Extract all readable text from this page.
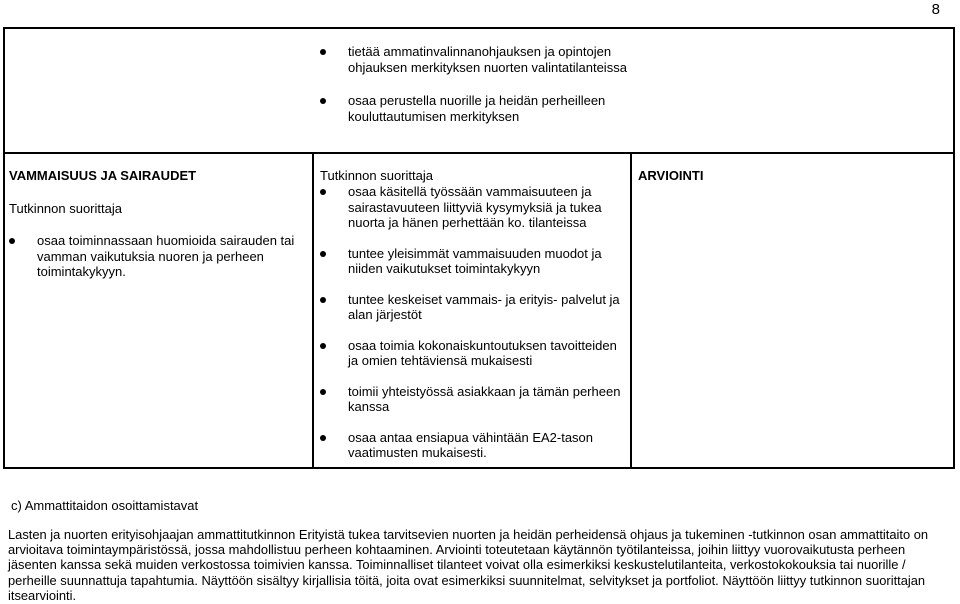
8
tietää ammatinvalinnanohjauksen ja opintojen ohjauksen merkityksen nuorten valintatilanteissa
osaa perustella nuorille ja heidän perheilleen kouluttautumisen merkityksen
VAMMAISUUS JA SAIRAUDET
Tutkinnon suorittaja
osaa toiminnassaan huomioida sairauden tai vamman vaikutuksia nuoren ja perheen toimintakykyyn.
Tutkinnon suorittaja
osaa käsitellä työssään vammaisuuteen ja sairastavuuteen liittyviä kysymyksiä ja tukea nuorta ja hänen perhettään ko. tilanteissa
tuntee yleisimmät vammaisuuden muodot ja niiden vaikutukset toimintakykyyn
tuntee keskeiset vammais- ja erityis- palvelut ja alan järjestöt
osaa toimia kokonaiskuntoutuksen tavoitteiden ja omien tehtäviensä mukaisesti
toimii yhteistyössä asiakkaan ja tämän perheen kanssa
osaa antaa ensiapua vähintään EA2-tason vaatimusten mukaisesti.
ARVIOINTI
c) Ammattitaidon osoittamistavat
Lasten ja nuorten erityisohjaajan ammattitutkinnon Erityistä tukea tarvitsevien nuorten ja heidän perheidensä ohjaus ja tukeminen -tutkinnon osan ammattitaito on arvioitava toimintaympäristössä, jossa mahdollistuu perheen kohtaaminen. Arviointi toteutetaan käytännön työtilanteissa, joihin liittyy vuorovaikutusta perheen jäsenten kanssa sekä muiden verkostossa toimivien kanssa. Toiminnalliset tilanteet voivat olla esimerkiksi keskustelutilanteita, verkostokokouksia tai nuorille / perheille suunnattuja tapahtumia. Näyttöön sisältyy kirjallisia töitä, joita ovat esimerkiksi suunnitelmat, selvitykset ja portfoliot. Näyttöön liittyy tutkinnon suorittajan itsearviointi.
